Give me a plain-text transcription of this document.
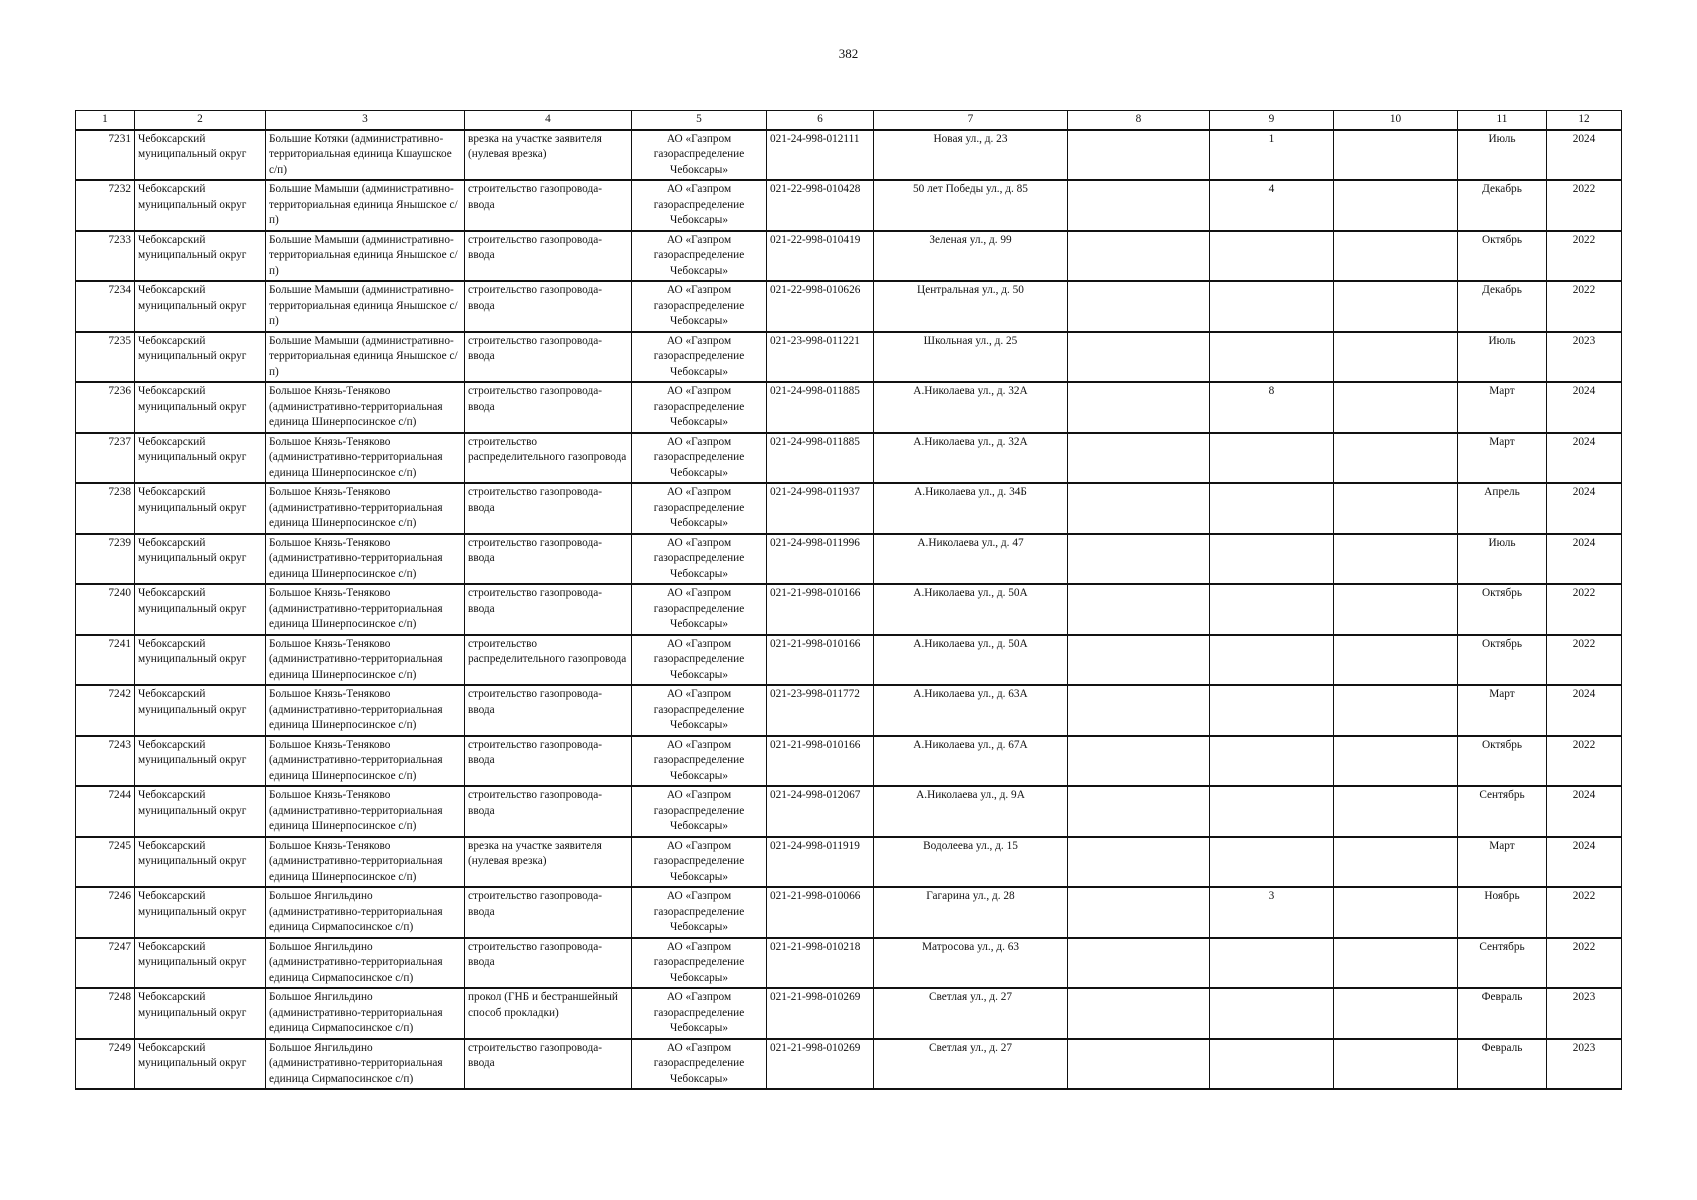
382
1	2	3	4	5	6	7	8	9	10	11	12
7231	Чебоксарский муниципальный округ	Большие Котяки (административно-территориальная единица Кшаушское с/п)	врезка на участке заявителя (нулевая врезка)	АО «Газпром газораспределение Чебоксары»	021-24-998-012111	Новая ул., д. 23		1		Июль	2024
7232	Чебоксарский муниципальный округ	Большие Мамыши (административно-территориальная единица Янышское с/п)	строительство газопровода-ввода	АО «Газпром газораспределение Чебоксары»	021-22-998-010428	50 лет Победы ул., д. 85		4		Декабрь	2022
7233	Чебоксарский муниципальный округ	Большие Мамыши (административно-территориальная единица Янышское с/п)	строительство газопровода-ввода	АО «Газпром газораспределение Чебоксары»	021-22-998-010419	Зеленая ул., д. 99				Октябрь	2022
7234	Чебоксарский муниципальный округ	Большие Мамыши (административно-территориальная единица Янышское с/п)	строительство газопровода-ввода	АО «Газпром газораспределение Чебоксары»	021-22-998-010626	Центральная ул., д. 50				Декабрь	2022
7235	Чебоксарский муниципальный округ	Большие Мамыши (административно-территориальная единица Янышское с/п)	строительство газопровода-ввода	АО «Газпром газораспределение Чебоксары»	021-23-998-011221	Школьная ул., д. 25				Июль	2023
7236	Чебоксарский муниципальный округ	Большое Князь-Теняково (административно-территориальная единица Шинерпосинское с/п)	строительство газопровода-ввода	АО «Газпром газораспределение Чебоксары»	021-24-998-011885	А.Николаева ул., д. 32А		8		Март	2024
7237	Чебоксарский муниципальный округ	Большое Князь-Теняково (административно-территориальная единица Шинерпосинское с/п)	строительство распределительного газопровода	АО «Газпром газораспределение Чебоксары»	021-24-998-011885	А.Николаева ул., д. 32А				Март	2024
7238	Чебоксарский муниципальный округ	Большое Князь-Теняково (административно-территориальная единица Шинерпосинское с/п)	строительство газопровода-ввода	АО «Газпром газораспределение Чебоксары»	021-24-998-011937	А.Николаева ул., д. 34Б				Апрель	2024
7239	Чебоксарский муниципальный округ	Большое Князь-Теняково (административно-территориальная единица Шинерпосинское с/п)	строительство газопровода-ввода	АО «Газпром газораспределение Чебоксары»	021-24-998-011996	А.Николаева ул., д. 47				Июль	2024
7240	Чебоксарский муниципальный округ	Большое Князь-Теняково (административно-территориальная единица Шинерпосинское с/п)	строительство газопровода-ввода	АО «Газпром газораспределение Чебоксары»	021-21-998-010166	А.Николаева ул., д. 50А				Октябрь	2022
7241	Чебоксарский муниципальный округ	Большое Князь-Теняково (административно-территориальная единица Шинерпосинское с/п)	строительство распределительного газопровода	АО «Газпром газораспределение Чебоксары»	021-21-998-010166	А.Николаева ул., д. 50А				Октябрь	2022
7242	Чебоксарский муниципальный округ	Большое Князь-Теняково (административно-территориальная единица Шинерпосинское с/п)	строительство газопровода-ввода	АО «Газпром газораспределение Чебоксары»	021-23-998-011772	А.Николаева ул., д. 63А				Март	2024
7243	Чебоксарский муниципальный округ	Большое Князь-Теняково (административно-территориальная единица Шинерпосинское с/п)	строительство газопровода-ввода	АО «Газпром газораспределение Чебоксары»	021-21-998-010166	А.Николаева ул., д. 67А				Октябрь	2022
7244	Чебоксарский муниципальный округ	Большое Князь-Теняково (административно-территориальная единица Шинерпосинское с/п)	строительство газопровода-ввода	АО «Газпром газораспределение Чебоксары»	021-24-998-012067	А.Николаева ул., д. 9А				Сентябрь	2024
7245	Чебоксарский муниципальный округ	Большое Князь-Теняково (административно-территориальная единица Шинерпосинское с/п)	врезка на участке заявителя (нулевая врезка)	АО «Газпром газораспределение Чебоксары»	021-24-998-011919	Водолеева ул., д. 15				Март	2024
7246	Чебоксарский муниципальный округ	Большое Янгильдино (административно-территориальная единица Сирмапосинское с/п)	строительство газопровода-ввода	АО «Газпром газораспределение Чебоксары»	021-21-998-010066	Гагарина ул., д. 28		3		Ноябрь	2022
7247	Чебоксарский муниципальный округ	Большое Янгильдино (административно-территориальная единица Сирмапосинское с/п)	строительство газопровода-ввода	АО «Газпром газораспределение Чебоксары»	021-21-998-010218	Матросова ул., д. 63				Сентябрь	2022
7248	Чебоксарский муниципальный округ	Большое Янгильдино (административно-территориальная единица Сирмапосинское с/п)	прокол (ГНБ и бестраншейный способ прокладки)	АО «Газпром газораспределение Чебоксары»	021-21-998-010269	Светлая ул., д. 27				Февраль	2023
7249	Чебоксарский муниципальный округ	Большое Янгильдино (административно-территориальная единица Сирмапосинское с/п)	строительство газопровода-ввода	АО «Газпром газораспределение Чебоксары»	021-21-998-010269	Светлая ул., д. 27				Февраль	2023
